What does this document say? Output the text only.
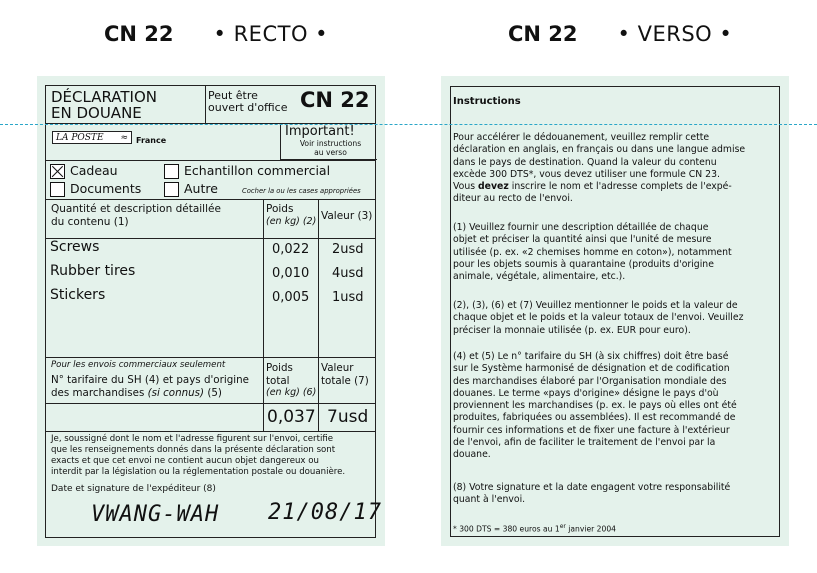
CN 22 • RECTO •	CN 22 • VERSO •
DÉCLARATION
EN DOUANE
Peut être
ouvert d'office CN 22
LA POSTE ≈ France
Important!
Voir instructions
au verso
Cadeau
Documents
Echantillon commercial
Autre	Cocher la ou les cases appropriées
Quantité et description détaillée
du contenu (1)
Poids
(en kg) (2) Valeur (3)
Screws	0,022 2usd
Rubber tires	0,010 4usd
Stickers	0,005 1usd
Pour les envois commerciaux seulement
N° tarifaire du SH (4) et pays d'origine
des marchandises (si connus) (5)
Poids
total
(en kg) (6)
Valeur
totale (7)
0,037 7usd
Je, soussigné dont le nom et l'adresse figurent sur l'envoi, certifie
que les renseignements donnés dans la présente déclaration sont
exacts et que cet envoi ne contient aucun objet dangereux ou
interdit par la législation ou la réglementation postale ou douanière.
Date et signature de l'expéditeur (8)
VWANG-WAH 21/08/17
Instructions
Pour accélérer le dédouanement, veuillez remplir cette
déclaration en anglais, en français ou dans une langue admise
dans le pays de destination. Quand la valeur du contenu
excède 300 DTS*, vous devez utiliser une formule CN 23.
Vous devez inscrire le nom et l'adresse complets de l'expé-
diteur au recto de l'envoi.
(1) Veuillez fournir une description détaillée de chaque
objet et préciser la quantité ainsi que l'unité de mesure
utilisée (p. ex. «2 chemises homme en coton»), notamment
pour les objets soumis à quarantaine (produits d'origine
animale, végétale, alimentaire, etc.).
(2), (3), (6) et (7) Veuillez mentionner le poids et la valeur de
chaque objet et le poids et la valeur totaux de l'envoi. Veuillez
préciser la monnaie utilisée (p. ex. EUR pour euro).
(4) et (5) Le n° tarifaire du SH (à six chiffres) doit être basé
sur le Système harmonisé de désignation et de codification
des marchandises élaboré par l'Organisation mondiale des
douanes. Le terme «pays d'origine» désigne le pays d'où
proviennent les marchandises (p. ex. le pays où elles ont été
produites, fabriquées ou assemblées). Il est recommandé de
fournir ces informations et de fixer une facture à l'extérieur
de l'envoi, afin de faciliter le traitement de l'envoi par la
douane.
(8) Votre signature et la date engagent votre responsabilité
quant à l'envoi.
* 300 DTS = 380 euros au 1er janvier 2004
